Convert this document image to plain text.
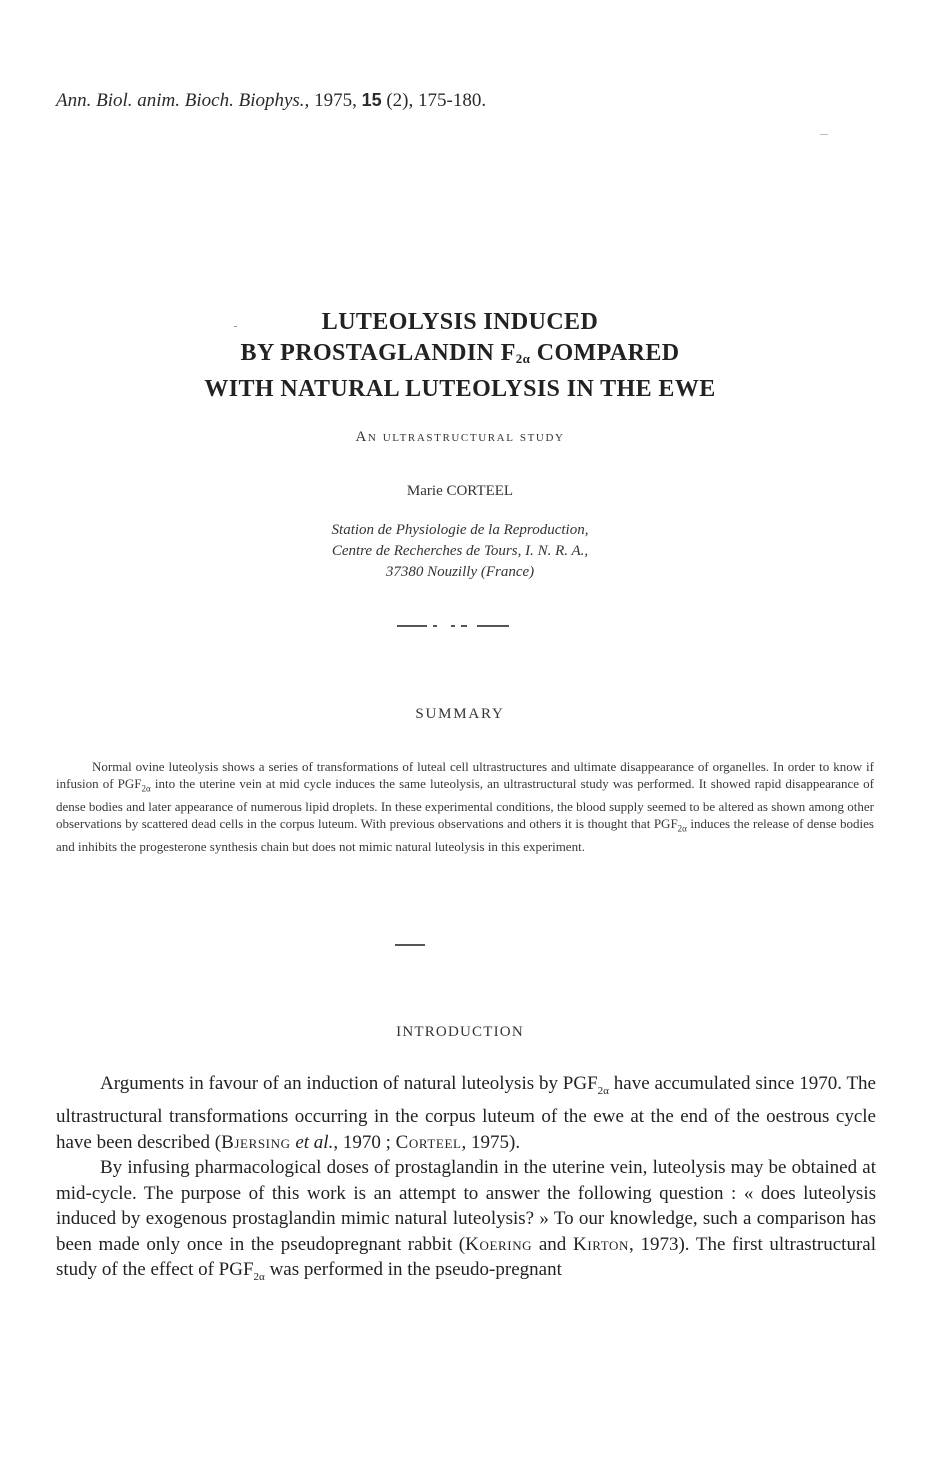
Ann. Biol. anim. Bioch. Biophys., 1975, 15 (2), 175-180.
LUTEOLYSIS INDUCED
BY PROSTAGLANDIN $F_{2\alpha}$ COMPARED
WITH NATURAL LUTEOLYSIS IN THE EWE
An ultrastructural study
Marie CORTEEL
Station de Physiologie de la Reproduction,
Centre de Recherches de Tours, I. N. R. A.,
37380 Nouzilly (France)
SUMMARY

Normal ovine luteolysis shows a series of transformations of luteal cell ultrastructures and ultimate disappearance of organelles. In order to know if infusion of $PGF_{2\alpha}$ into the uterine vein at mid cycle induces the same luteolysis, an ultrastructural study was performed. It showed rapid disappearance of dense bodies and later appearance of numerous lipid droplets. In these experimental conditions, the blood supply seemed to be altered as shown among other observations by scattered dead cells in the corpus luteum. With previous observations and others it is thought that $PGF_{2\alpha}$ induces the release of dense bodies and inhibits the progesterone synthesis chain but does not mimic natural luteolysis in this experiment.

INTRODUCTION

Arguments in favour of an induction of natural luteolysis by $PGF_{2\alpha}$ have accumulated since 1970. The ultrastructural transformations occurring in the corpus luteum of the ewe at the end of the oestrous cycle have been described (Bjersing et al., 1970 ; Corteel, 1975).

By infusing pharmacological doses of prostaglandin in the uterine vein, luteolysis may be obtained at mid-cycle. The purpose of this work is an attempt to answer the following question : « does luteolysis induced by exogenous prostaglandin mimic natural luteolysis? » To our knowledge, such a comparison has been made only once in the pseudopregnant rabbit (Koering and Kirton, 1973). The first ultrastructural study of the effect of $PGF_{2\alpha}$ was performed in the pseudo-pregnant
